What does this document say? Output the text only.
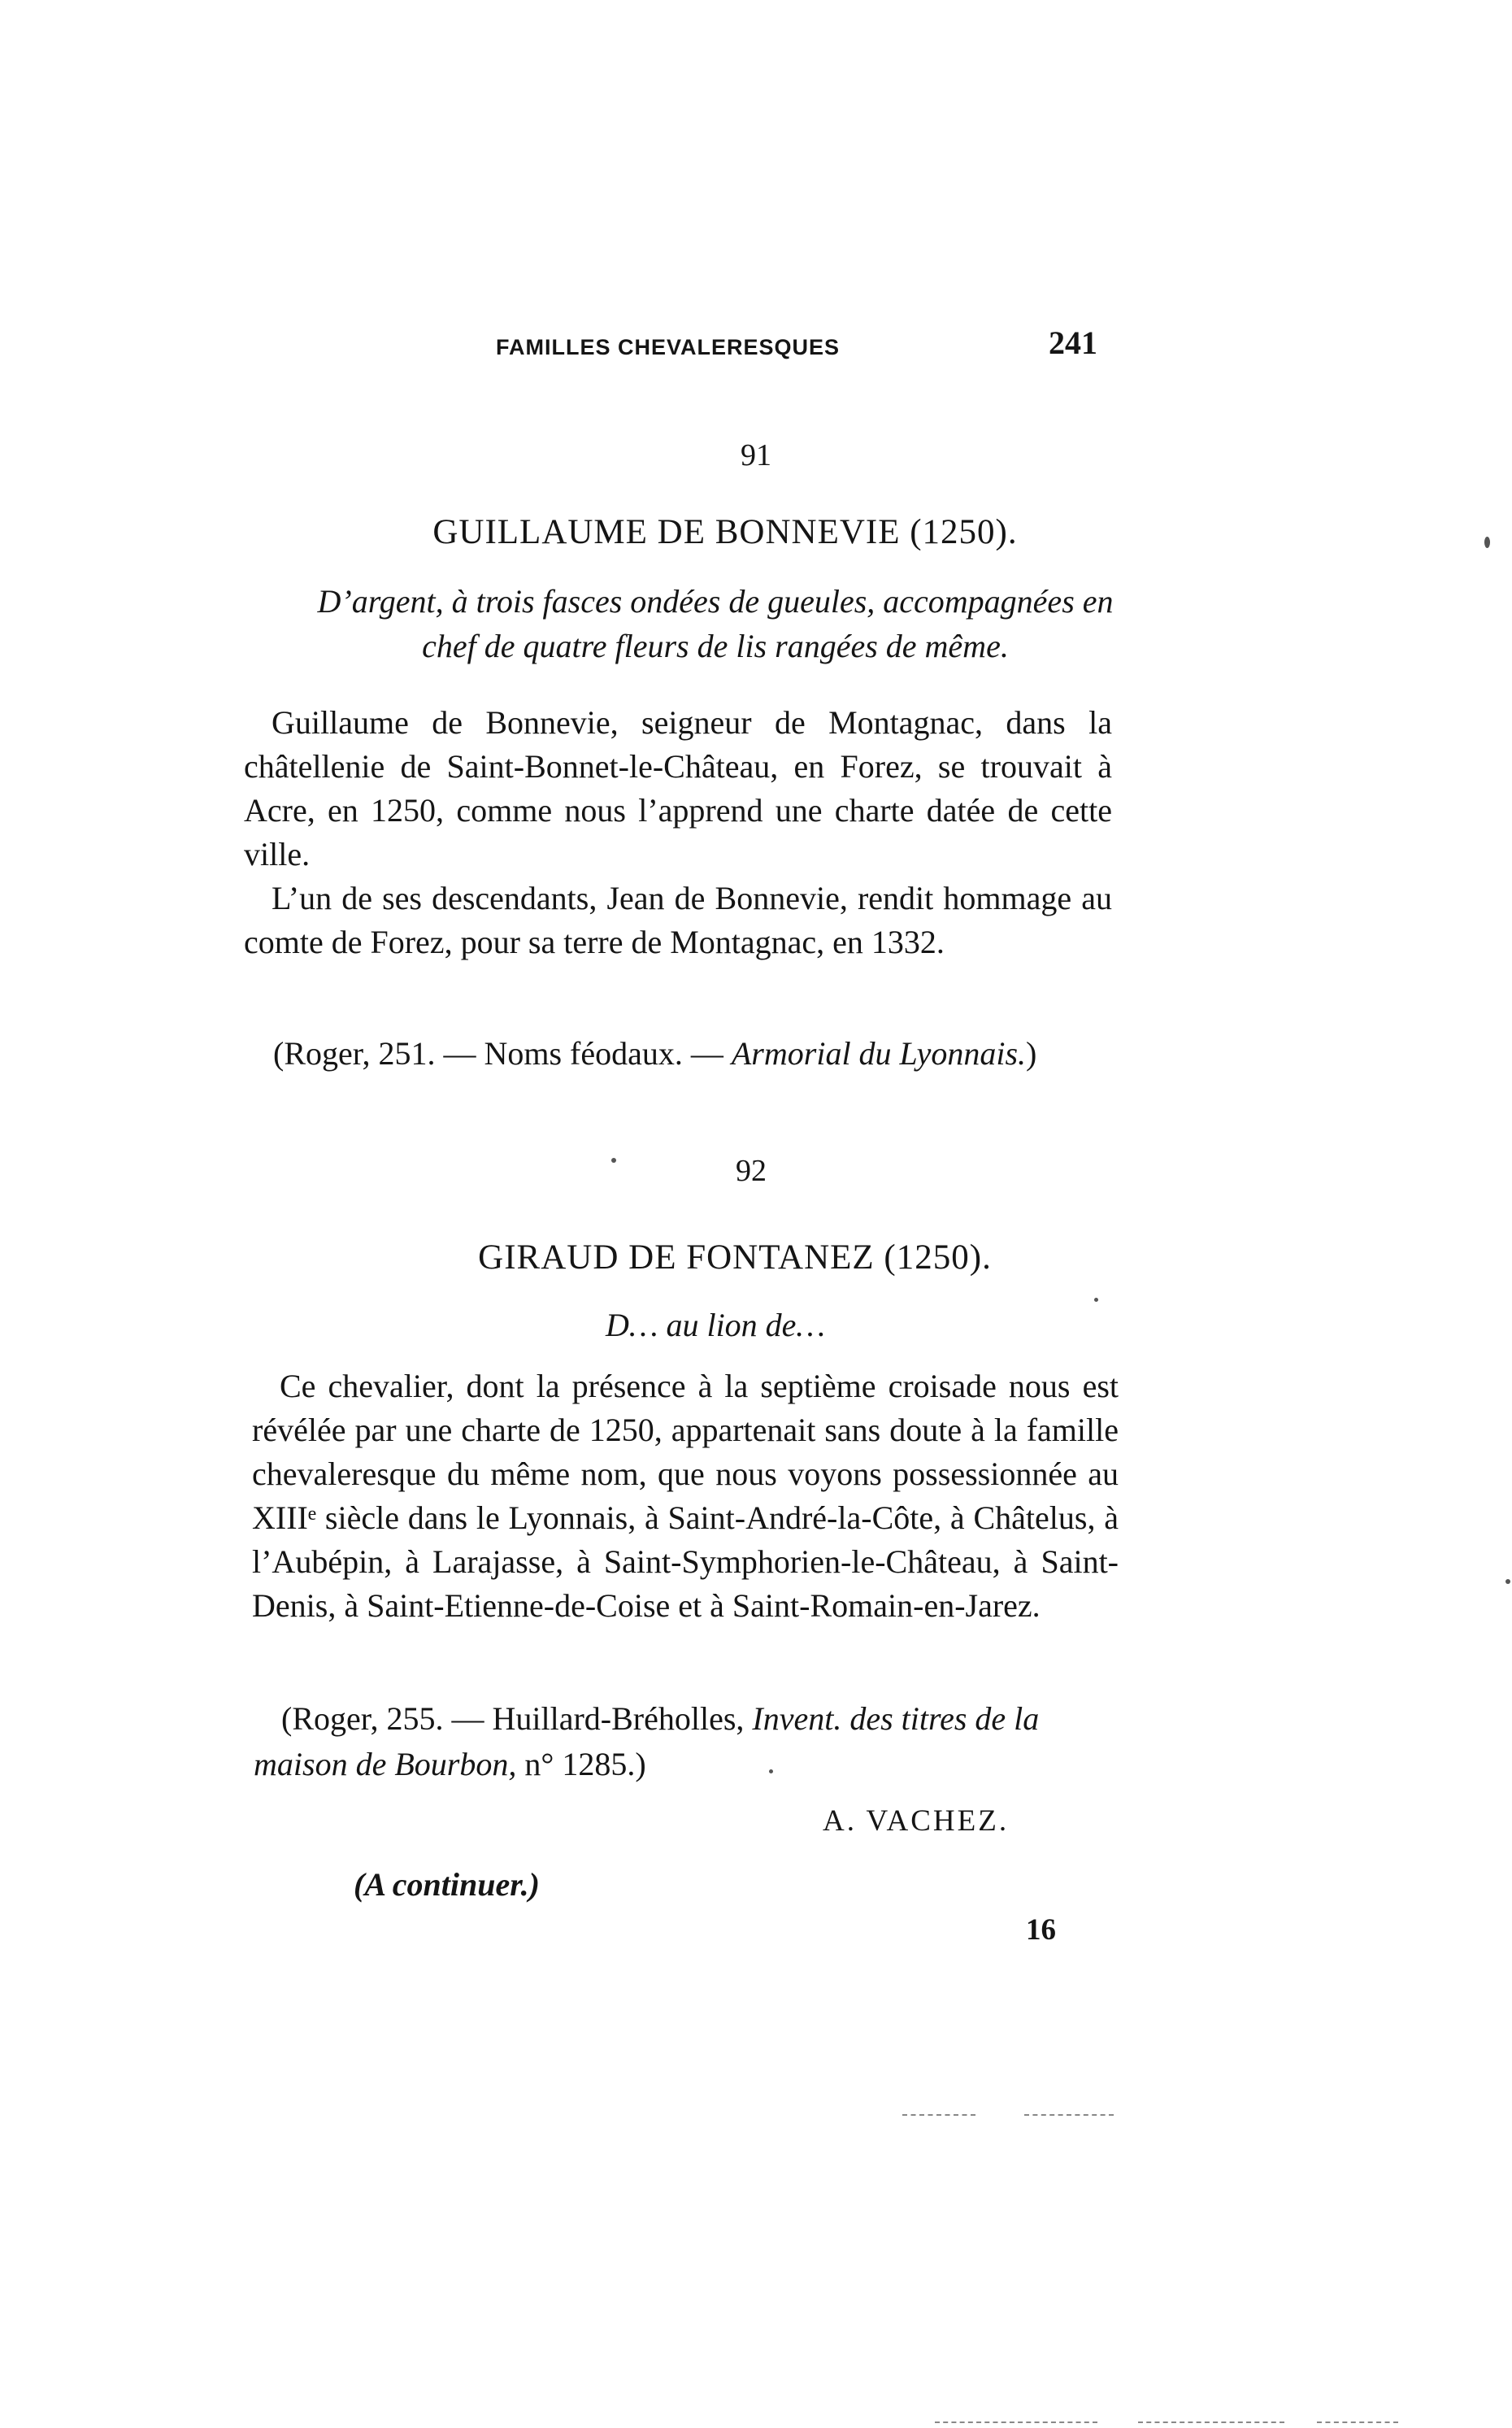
FAMILLES CHEVALERESQUES	241
91
GUILLAUME DE BONNEVIE (1250).
D’argent, à trois fasces ondées de gueules, accompagnées en
chef de quatre fleurs de lis rangées de même.

Guillaume de Bonnevie, seigneur de Montagnac, dans la châtellenie de Saint-Bonnet-le-Château, en Forez, se trouvait à Acre, en 1250, comme nous l’apprend une charte datée de cette ville.

L’un de ses descendants, Jean de Bonnevie, rendit hommage au comte de Forez, pour sa terre de Montagnac, en 1332.

(Roger, 251. — Noms féodaux. — Armorial du Lyonnais.)
92
GIRAUD DE FONTANEZ (1250).
D… au lion de…

Ce chevalier, dont la présence à la septième croisade nous est révélée par une charte de 1250, appartenait sans doute à la famille chevaleresque du même nom, que nous voyons possessionnée au XIIIᵉ siècle dans le Lyonnais, à Saint-André-la-Côte, à Châtelus, à l’Aubépin, à Larajasse, à Saint-Symphorien-le-Château, à Saint-Denis, à Saint-Etienne-de-Coise et à Saint-Romain-en-Jarez.

(Roger, 255. — Huillard-Bréholles, Invent. des titres de la maison de Bourbon, n° 1285.)
A. VACHEZ.
(A continuer.)
16
